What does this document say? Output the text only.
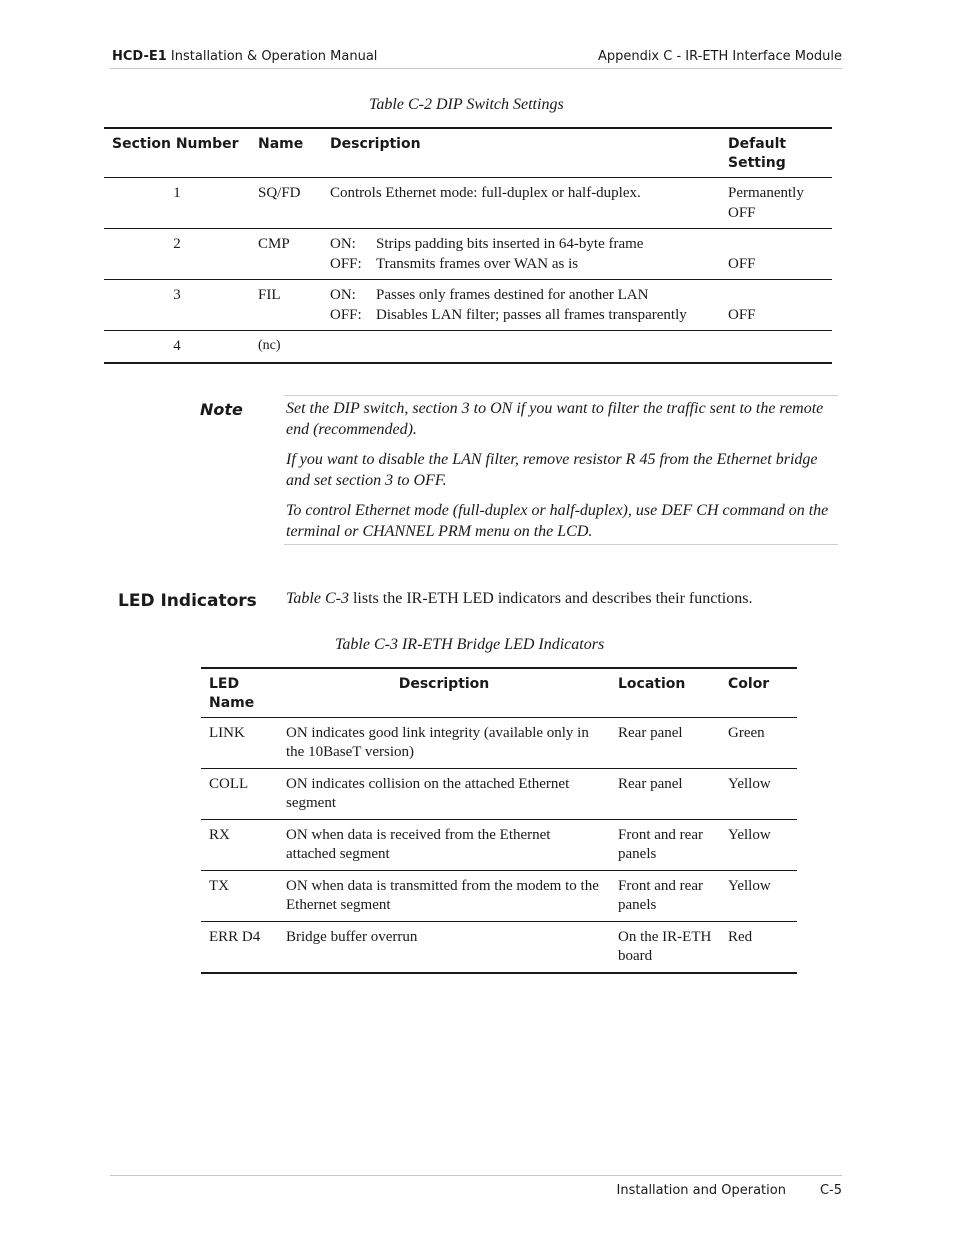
HCD-E1 Installation & Operation Manual	Appendix C - IR-ETH Interface Module
Table C-2 DIP Switch Settings
Section Number	Name	Description	Default Setting
1	SQ/FD	Controls Ethernet mode: full-duplex or half-duplex.	Permanently OFF
2	CMP	ON: Strips padding bits inserted in 64-byte frame
OFF: Transmits frames over WAN as is	OFF
3	FIL	ON: Passes only frames destined for another LAN
OFF: Disables LAN filter; passes all frames transparently	OFF
4	(nc)		
Note	Set the DIP switch, section 3 to ON if you want to filter the traffic sent to the remote end (recommended).

If you want to disable the LAN filter, remove resistor R 45 from the Ethernet bridge and set section 3 to OFF.

To control Ethernet mode (full-duplex or half-duplex), use DEF CH command on the terminal or CHANNEL PRM menu on the LCD.

LED Indicators Table C-3 lists the IR-ETH LED indicators and describes their functions.
Table C-3 IR-ETH Bridge LED Indicators
LED Name	Description	Location	Color
LINK	ON indicates good link integrity (available only in the 10BaseT version)	Rear panel	Green
COLL	ON indicates collision on the attached Ethernet segment	Rear panel	Yellow
RX	ON when data is received from the Ethernet attached segment	Front and rear panels	Yellow
TX	ON when data is transmitted from the modem to the Ethernet segment	Front and rear panels	Yellow
ERR D4	Bridge buffer overrun	On the IR-ETH board	Red
Installation and Operation	C-5
